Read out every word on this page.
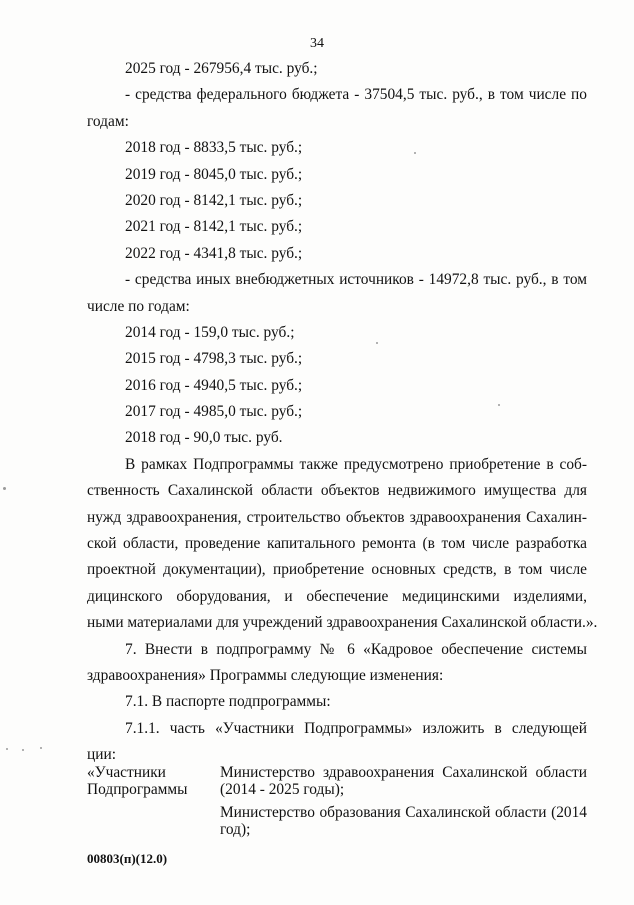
34
2025 год - 267956,4 тыс. руб.;
- средства федерального бюджета - 37504,5 тыс. руб., в том числе по
годам:
2018 год - 8833,5 тыс. руб.;
2019 год - 8045,0 тыс. руб.;
2020 год - 8142,1 тыс. руб.;
2021 год - 8142,1 тыс. руб.;
2022 год - 4341,8 тыс. руб.;
- средства иных внебюджетных источников - 14972,8 тыс. руб., в том
числе по годам:
2014 год - 159,0 тыс. руб.;
2015 год - 4798,3 тыс. руб.;
2016 год - 4940,5 тыс. руб.;
2017 год - 4985,0 тыс. руб.;
2018 год - 90,0 тыс. руб.
В рамках Подпрограммы также предусмотрено приобретение в соб-
ственность Сахалинской области объектов недвижимого имущества для
нужд здравоохранения, строительство объектов здравоохранения Сахалин-
ской области, проведение капитального ремонта (в том числе разработка
проектной документации), приобретение основных средств, в том числе
дицинского оборудования, и обеспечение медицинскими изделиями,
ными материалами для учреждений здравоохранения Сахалинской области.».
7. Внести в подпрограмму № 6 «Кадровое обеспечение системы
здравоохранения» Программы следующие изменения:
7.1. В паспорте подпрограммы:
7.1.1. часть «Участники Подпрограммы» изложить в следующей
ции:
«Участники Подпрограммы
Министерство здравоохранения Сахалинской области (2014 - 2025 годы);
Министерство образования Сахалинской области (2014 год);
00803(п)(12.0)
